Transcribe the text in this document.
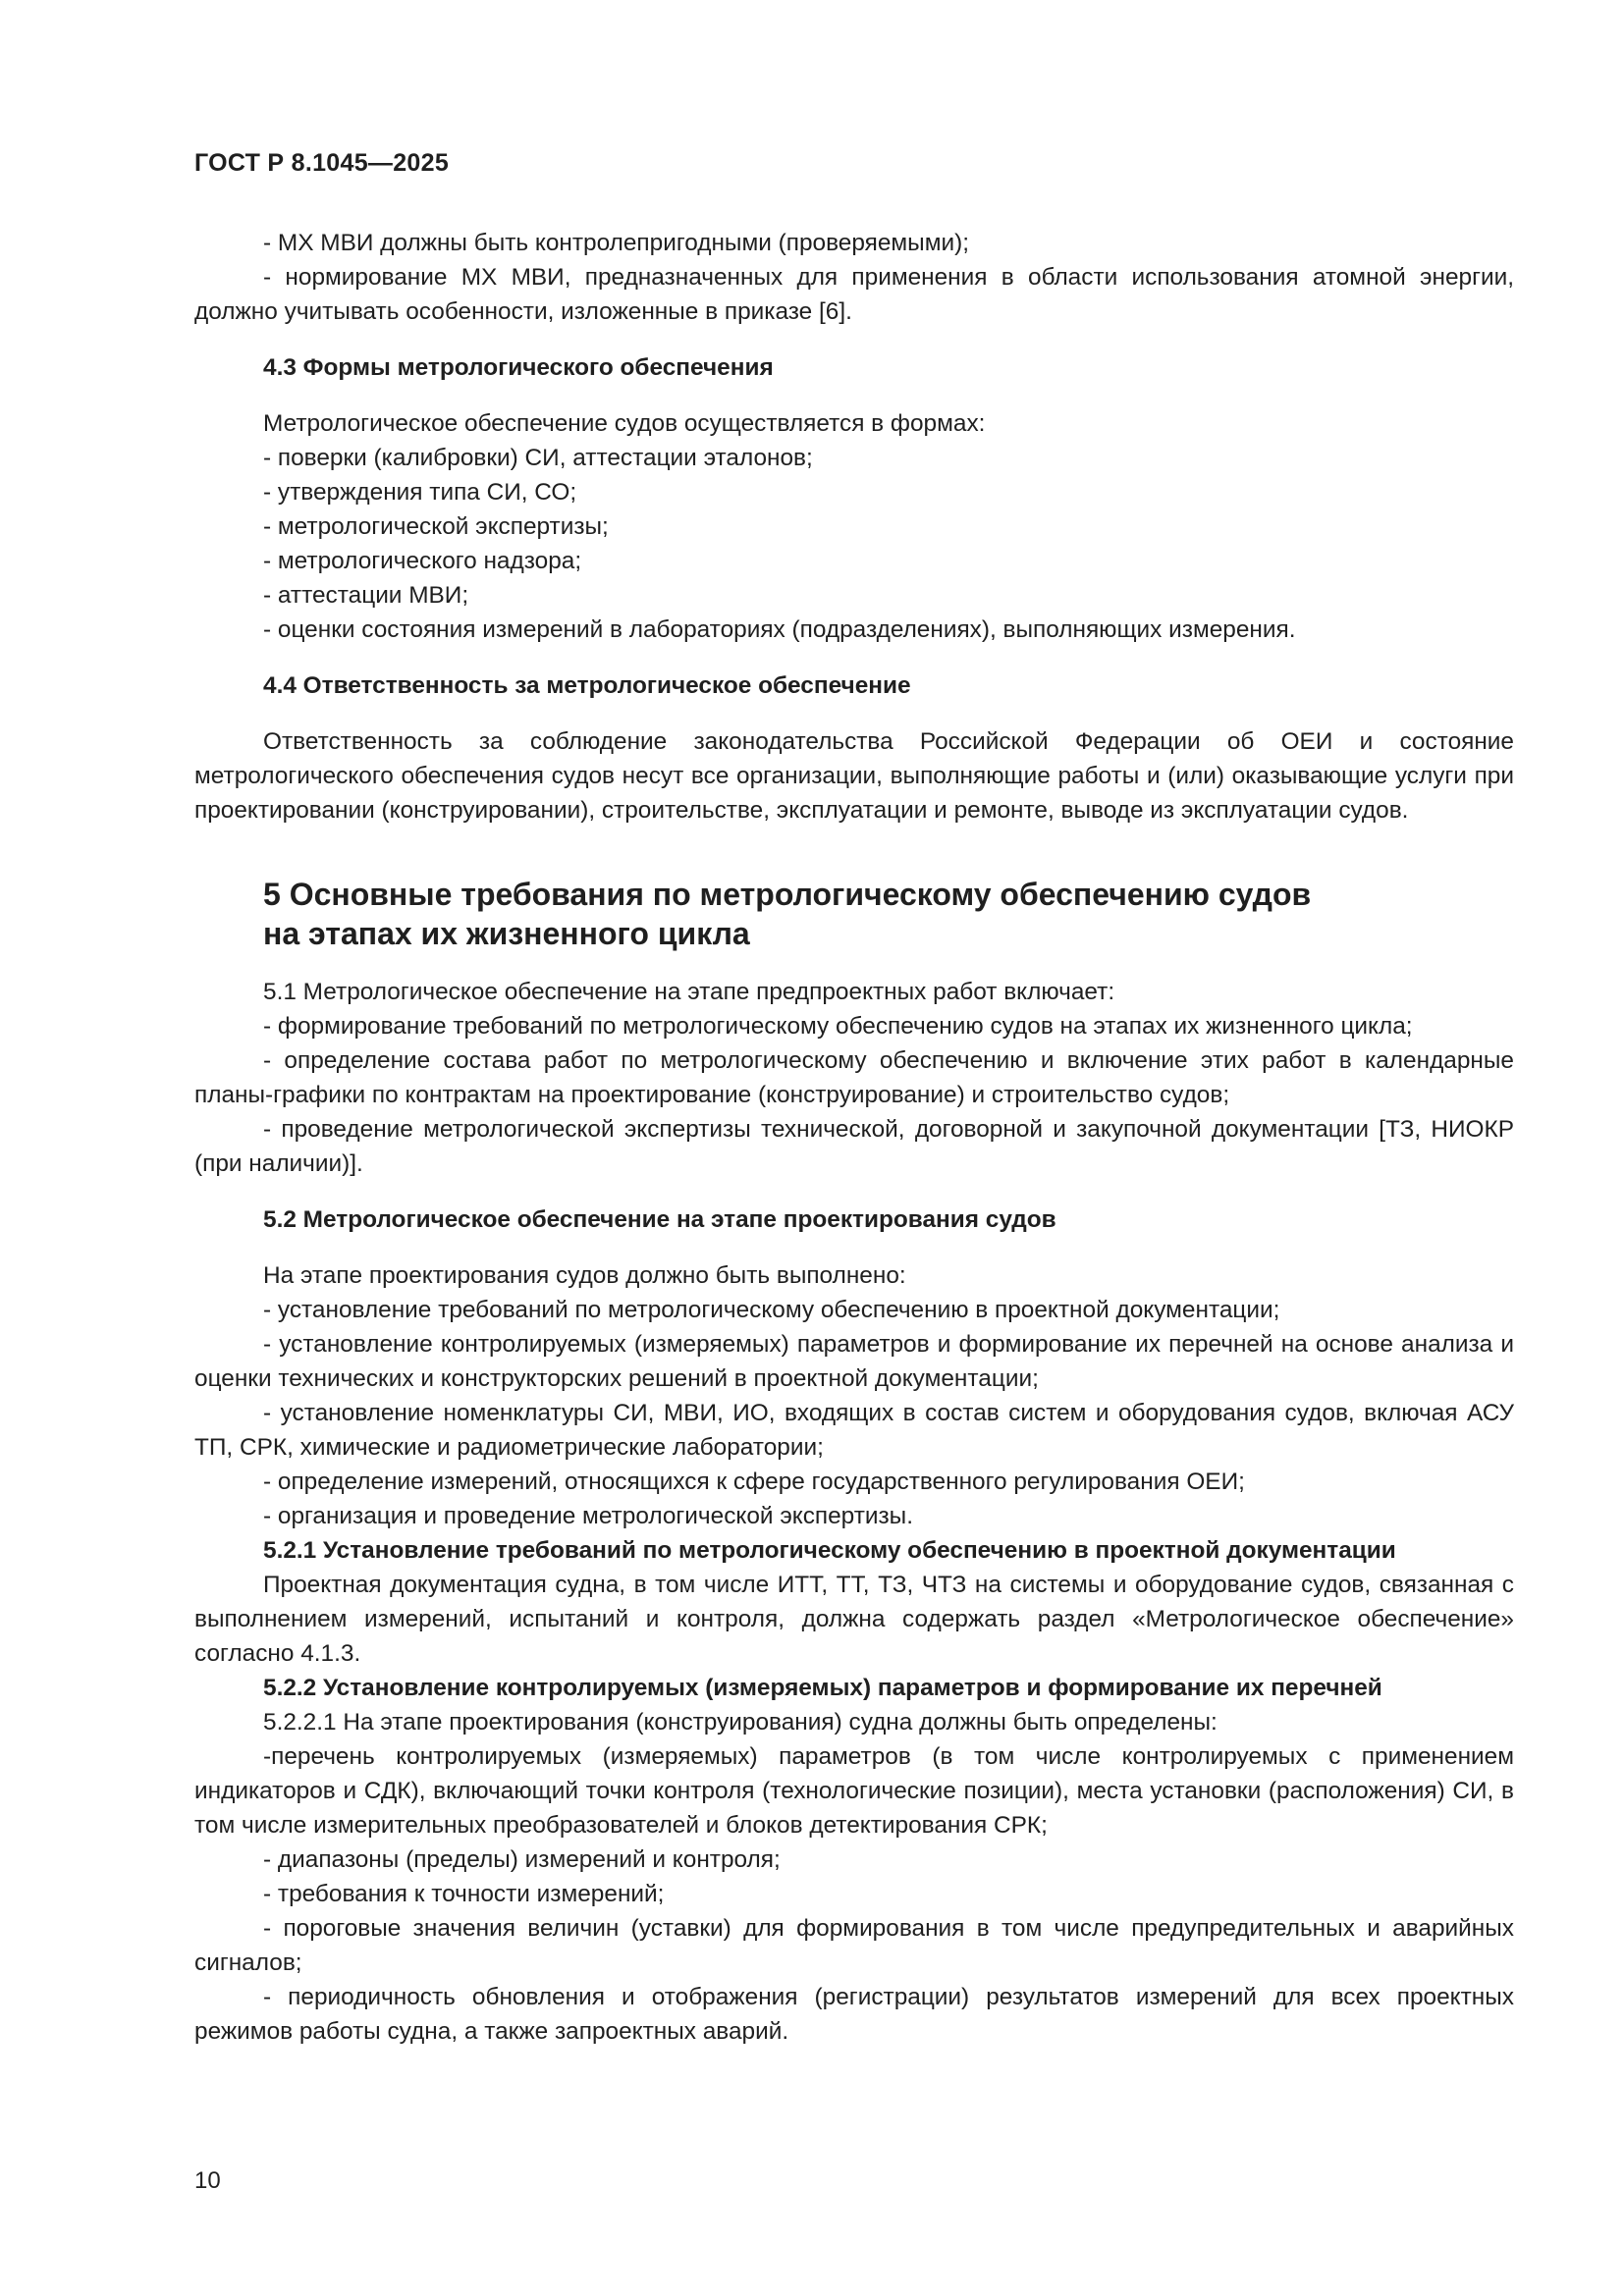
ГОСТ Р 8.1045—2025

- МХ МВИ должны быть контролепригодными (проверяемыми);

- нормирование МХ МВИ, предназначенных для применения в области использования атомной энергии, должно учитывать особенности, изложенные в приказе [6].

4.3 Формы метрологического обеспечения

Метрологическое обеспечение судов осуществляется в формах:

- поверки (калибровки) СИ, аттестации эталонов;

- утверждения типа СИ, СО;

- метрологической экспертизы;

- метрологического надзора;

- аттестации МВИ;

- оценки состояния измерений в лабораториях (подразделениях), выполняющих измерения.

4.4 Ответственность за метрологическое обеспечение

Ответственность за соблюдение законодательства Российской Федерации об ОЕИ и состояние метрологического обеспечения судов несут все организации, выполняющие работы и (или) оказывающие услуги при проектировании (конструировании), строительстве, эксплуатации и ремонте, выводе из эксплуатации судов.

5 Основные требования по метрологическому обеспечению судов
на этапах их жизненного цикла

5.1 Метрологическое обеспечение на этапе предпроектных работ включает:

- формирование требований по метрологическому обеспечению судов на этапах их жизненного цикла;

- определение состава работ по метрологическому обеспечению и включение этих работ в календарные планы-графики по контрактам на проектирование (конструирование) и строительство судов;

- проведение метрологической экспертизы технической, договорной и закупочной документации [ТЗ, НИОКР (при наличии)].

5.2 Метрологическое обеспечение на этапе проектирования судов

На этапе проектирования судов должно быть выполнено:

- установление требований по метрологическому обеспечению в проектной документации;

- установление контролируемых (измеряемых) параметров и формирование их перечней на основе анализа и оценки технических и конструкторских решений в проектной документации;

- установление номенклатуры СИ, МВИ, ИО, входящих в состав систем и оборудования судов, включая АСУ ТП, СРК, химические и радиометрические лаборатории;

- определение измерений, относящихся к сфере государственного регулирования ОЕИ;

- организация и проведение метрологической экспертизы.

5.2.1 Установление требований по метрологическому обеспечению в проектной документации

Проектная документация судна, в том числе ИТТ, ТТ, ТЗ, ЧТЗ на системы и оборудование судов, связанная с выполнением измерений, испытаний и контроля, должна содержать раздел «Метрологическое обеспечение» согласно 4.1.3.

5.2.2 Установление контролируемых (измеряемых) параметров и формирование их перечней

5.2.2.1 На этапе проектирования (конструирования) судна должны быть определены:

-перечень контролируемых (измеряемых) параметров (в том числе контролируемых с применением индикаторов и СДК), включающий точки контроля (технологические позиции), места установки (расположения) СИ, в том числе измерительных преобразователей и блоков детектирования СРК;

- диапазоны (пределы) измерений и контроля;

- требования к точности измерений;

- пороговые значения величин (уставки) для формирования в том числе предупредительных и аварийных сигналов;

- периодичность обновления и отображения (регистрации) результатов измерений для всех проектных режимов работы судна, а также запроектных аварий.

10
